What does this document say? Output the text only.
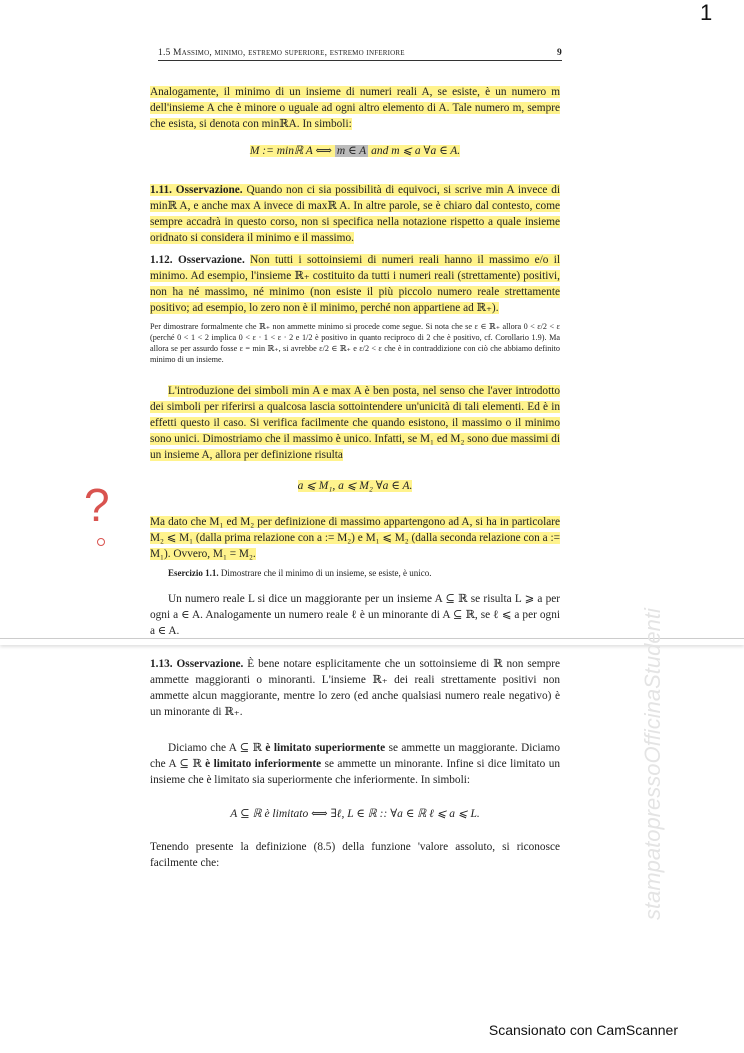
1
1.5 Massimo, minimo, estremo superiore, estremo inferiore	9
Analogamente, il minimo di un insieme di numeri reali A, se esiste, è un numero m dell'insieme A che è minore o uguale ad ogni altro elemento di A. Tale numero m, sempre che esista, si denota con minℝA. In simboli:
M := minℝ A ⟺ m ∈ A and m ⩽ a ∀a ∈ A.
1.11. Osservazione. Quando non ci sia possibilità di equivoci, si scrive min A invece di minℝ A, e anche max A invece di maxℝ A. In altre parole, se è chiaro dal contesto, come sempre accadrà in questo corso, non si specifica nella notazione rispetto a quale insieme oridnato si considera il minimo e il massimo.
1.12. Osservazione. Non tutti i sottoinsiemi di numeri reali hanno il massimo e/o il minimo. Ad esempio, l'insieme ℝ₊ costituito da tutti i numeri reali (strettamente) positivi, non ha né massimo, né minimo (non esiste il più piccolo numero reale strettamente positivo; ad esempio, lo zero non è il minimo, perché non appartiene ad ℝ₊).
Per dimostrare formalmente che ℝ₊ non ammette minimo si procede come segue. Si nota che se ε ∈ ℝ₊ allora 0 < ε/2 < ε (perché 0 < 1 < 2 implica 0 < ε · 1 < ε · 2 e 1/2 è positivo in quanto reciproco di 2 che è positivo, cf. Corollario 1.9). Ma allora se per assurdo fosse ε = min ℝ₊, si avrebbe ε/2 ∈ ℝ₊ e ε/2 < ε che è in contraddizione con ciò che abbiamo definito minimo di un insieme.
L'introduzione dei simboli min A e max A è ben posta, nel senso che l'aver introdotto dei simboli per riferirsi a qualcosa lascia sottointendere un'unicità di tali elementi. Ed è in effetti questo il caso. Si verifica facilmente che quando esistono, il massimo o il minimo sono unici. Dimostriamo che il massimo è unico. Infatti, se M₁ ed M₂ sono due massimi di un insieme A, allora per definizione risulta
a ⩽ M₁, a ⩽ M₂ ∀a ∈ A.
Ma dato che M₁ ed M₂ per definizione di massimo appartengono ad A, si ha in particolare M₂ ⩽ M₁ (dalla prima relazione con a := M₂) e M₁ ⩽ M₂ (dalla seconda relazione con a := M₁). Ovvero, M₁ = M₂.
?
Esercizio 1.1. Dimostrare che il minimo di un insieme, se esiste, è unico.
Un numero reale L si dice un maggiorante per un insieme A ⊆ ℝ se risulta L ⩾ a per ogni a ∈ A. Analogamente un numero reale ℓ è un minorante di A ⊆ ℝ, se ℓ ⩽ a per ogni a ∈ A.
1.13. Osservazione. È bene notare esplicitamente che un sottoinsieme di ℝ non sempre ammette maggioranti o minoranti. L'insieme ℝ₊ dei reali strettamente positivi non ammette alcun maggiorante, mentre lo zero (ed anche qualsiasi numero reale negativo) è un minorante di ℝ₊.
Diciamo che A ⊆ ℝ è limitato superiormente se ammette un maggiorante. Diciamo che A ⊆ ℝ è limitato inferiormente se ammette un minorante. Infine si dice limitato un insieme che è limitato sia superiormente che inferiormente. In simboli:
A ⊆ ℝ è limitato ⟺ ∃ℓ, L ∈ ℝ :: ∀a ∈ ℝ ℓ ⩽ a ⩽ L.
Tenendo presente la definizione (8.5) della funzione 'valore assoluto, si riconosce facilmente che:	stampatopressoOfficinaStudenti
Scansionato con CamScanner
